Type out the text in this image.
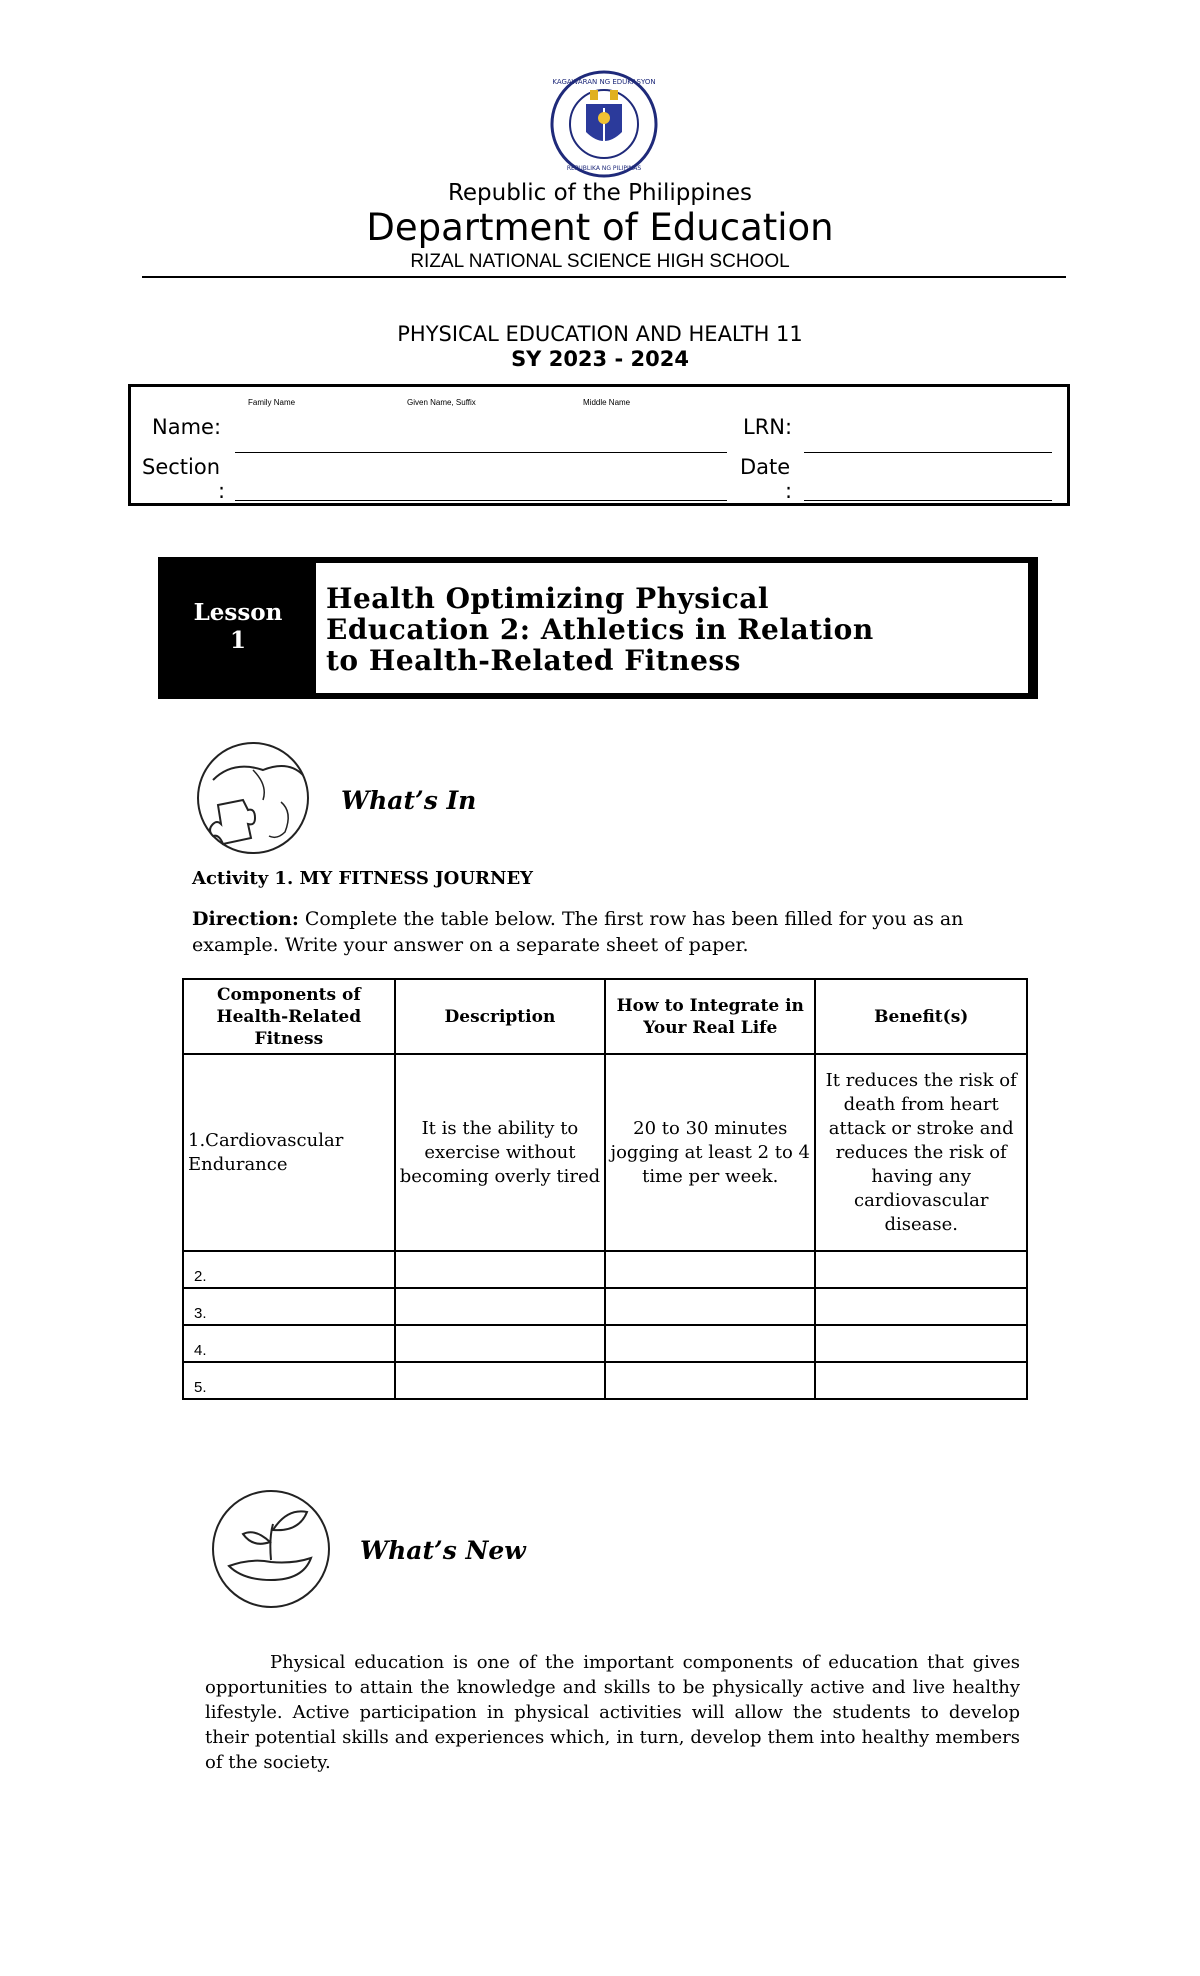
KAGAWARAN NG EDUKASYON
REPUBLIKA NG PILIPINAS
Republic of the Philippines
Department of Education
RIZAL NATIONAL SCIENCE HIGH SCHOOL
PHYSICAL EDUCATION AND HEALTH 11
SY 2023 - 2024
Family Name	Given Name, Suffix	Middle Name
Name:	LRN:
Section
:
Date
:
Lesson
1
Health Optimizing Physical
Education 2: Athletics in Relation
to Health-Related Fitness
What’s In
Activity 1. MY FITNESS JOURNEY
Direction: Complete the table below. The first row has been filled for you as an example. Write your answer on a separate sheet of paper.
Components of Health-Related Fitness	Description	How to Integrate in Your Real Life	Benefit(s)
1.Cardiovascular Endurance	It is the ability to exercise without becoming overly tired	20 to 30 minutes jogging at least 2 to 4 time per week.	It reduces the risk of death from heart attack or stroke and reduces the risk of having any cardiovascular disease.
2.			
3.			
4.			
5.			
What’s New
Physical education is one of the important components of education that gives opportunities to attain the knowledge and skills to be physically active and live healthy lifestyle. Active participation in physical activities will allow the students to develop their potential skills and experiences which, in turn, develop them into healthy members of the society.
